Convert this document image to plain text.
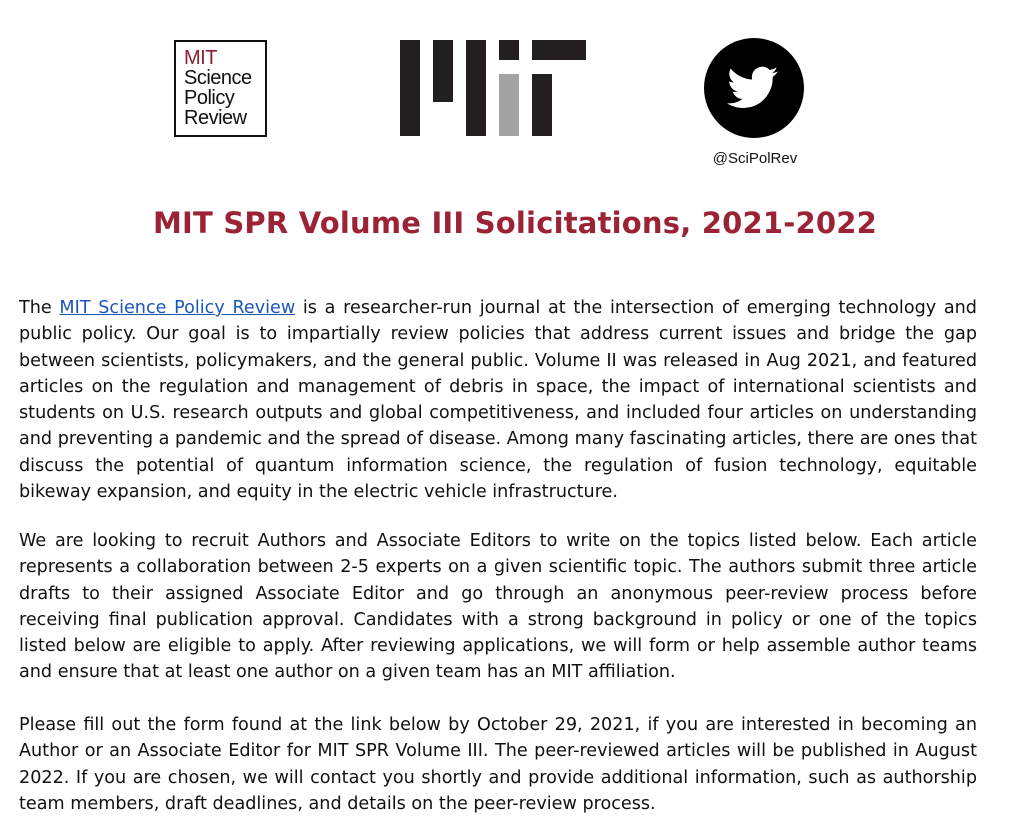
MIT
Science
Policy
Review
@SciPolRev
MIT SPR Volume III Solicitations, 2021-2022

The MIT Science Policy Review is a researcher-run journal at the intersection of emerging technology and public policy. Our goal is to impartially review policies that address current issues and bridge the gap between scientists, policymakers, and the general public. Volume II was released in Aug 2021, and featured articles on the regulation and management of debris in space, the impact of international scientists and students on U.S. research outputs and global competitiveness, and included four articles on understanding and preventing a pandemic and the spread of disease. Among many fascinating articles, there are ones that discuss the potential of quantum information science, the regulation of fusion technology, equitable bikeway expansion, and equity in the electric vehicle infrastructure.

We are looking to recruit Authors and Associate Editors to write on the topics listed below. Each article represents a collaboration between 2-5 experts on a given scientific topic. The authors submit three article drafts to their assigned Associate Editor and go through an anonymous peer-review process before receiving final publication approval. Candidates with a strong background in policy or one of the topics listed below are eligible to apply. After reviewing applications, we will form or help assemble author teams and ensure that at least one author on a given team has an MIT affiliation.

Please fill out the form found at the link below by October 29, 2021, if you are interested in becoming an Author or an Associate Editor for MIT SPR Volume III. The peer-reviewed articles will be published in August 2022. If you are chosen, we will contact you shortly and provide additional information, such as authorship team members, draft deadlines, and details on the peer-review process.
